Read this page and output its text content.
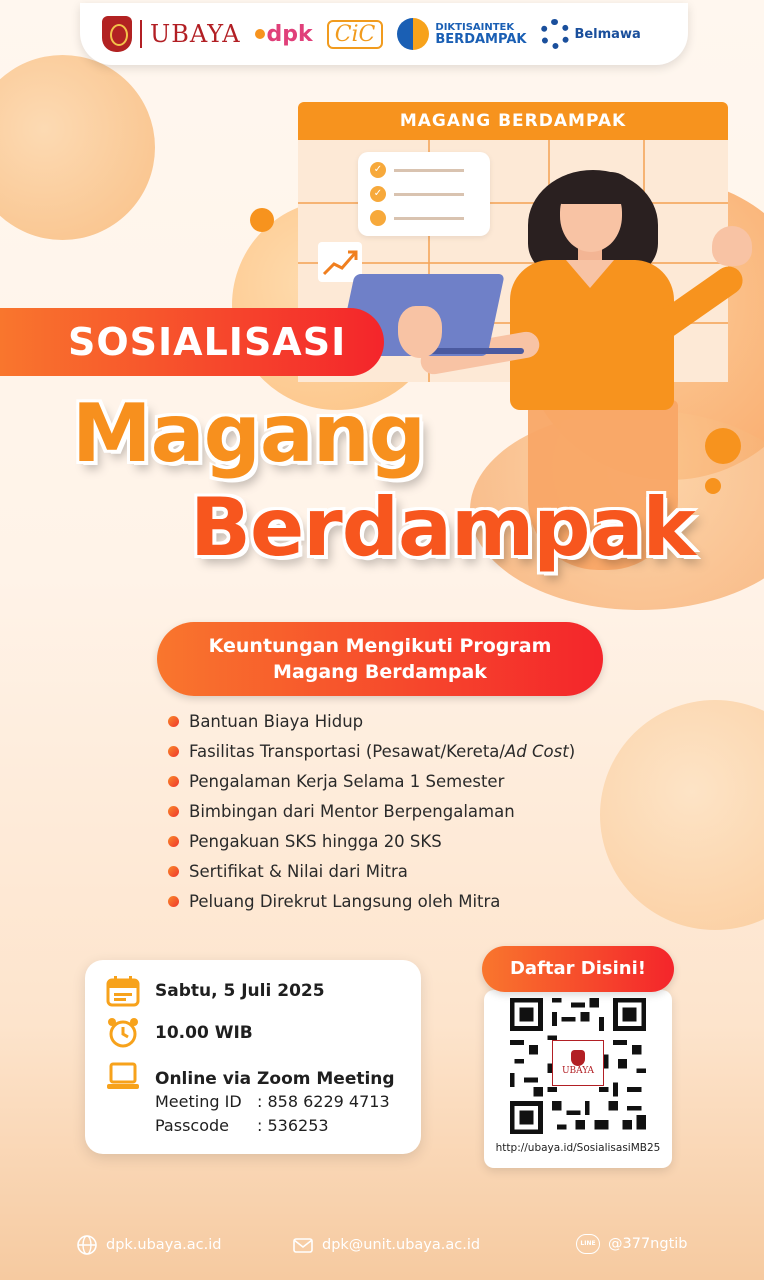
UBAYA dpk	CiC	DIKTISAINTEK
BERDAMPAK	Belmawa
MAGANG BERDAMPAK
✓
✓
SOSIALISASI
Magang
Berdampak
Keuntungan Mengikuti Program
Magang Berdampak
Bantuan Biaya Hidup
Fasilitas Transportasi (Pesawat/Kereta/ Ad Cost )
Pengalaman Kerja Selama 1 Semester
Bimbingan dari Mentor Berpengalaman
Pengakuan SKS hingga 20 SKS
Sertifikat & Nilai dari Mitra
Peluang Direkrut Langsung oleh Mitra
Sabtu, 5 Juli 2025
10.00 WIB
Online via Zoom Meeting
Meeting ID : 858 6229 4713
Passcode	: 536253
UBAYA
http://ubaya.id/SosialisasiMB25
Daftar Disini!
dpk.ubaya.ac.id	dpk@unit.ubaya.ac.id	LINE @377ngtib
